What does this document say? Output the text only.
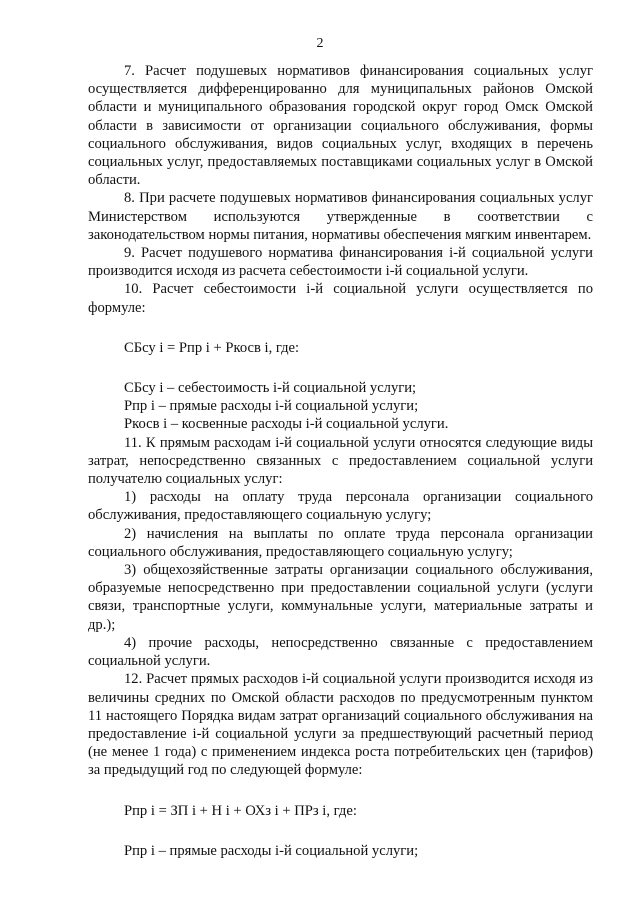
2

7. Расчет подушевых нормативов финансирования социальных услуг осуществляется дифференцированно для муниципальных районов Омской области и муниципального образования городской округ город Омск Омской области в зависимости от организации социального обслуживания, формы социального обслуживания, видов социальных услуг, входящих в перечень социальных услуг, предоставляемых поставщиками социальных услуг в Омской области.

8. При расчете подушевых нормативов финансирования социальных услуг Министерством используются утвержденные в соответствии с законодательством нормы питания, нормативы обеспечения мягким инвентарем.

9. Расчет подушевого норматива финансирования i-й социальной услуги производится исходя из расчета себестоимости i-й социальной услуги.

10. Расчет себестоимости i-й социальной услуги осуществляется по формуле:

СБсу i = Рпр i + Ркосв i, где:

СБсу i – себестоимость i-й социальной услуги;

Рпр i – прямые расходы i-й социальной услуги;

Ркосв i – косвенные расходы i-й социальной услуги.

11. К прямым расходам i-й социальной услуги относятся следующие виды затрат, непосредственно связанных с предоставлением социальной услуги получателю социальных услуг:

1) расходы на оплату труда персонала организации социального обслуживания, предоставляющего социальную услугу;

2) начисления на выплаты по оплате труда персонала организации социального обслуживания, предоставляющего социальную услугу;

3) общехозяйственные затраты организации социального обслуживания, образуемые непосредственно при предоставлении социальной услуги (услуги связи, транспортные услуги, коммунальные услуги, материальные затраты и др.);

4) прочие расходы, непосредственно связанные с предоставлением социальной услуги.

12. Расчет прямых расходов i-й социальной услуги производится исходя из величины средних по Омской области расходов по предусмотренным пунктом 11 настоящего Порядка видам затрат организаций социального обслуживания на предоставление i-й социальной услуги за предшествующий расчетный период (не менее 1 года) с применением индекса роста потребительских цен (тарифов) за предыдущий год по следующей формуле:

Рпр i = ЗП i + Н i + ОХз i + ПРз i, где:

Рпр i – прямые расходы i-й социальной услуги;
